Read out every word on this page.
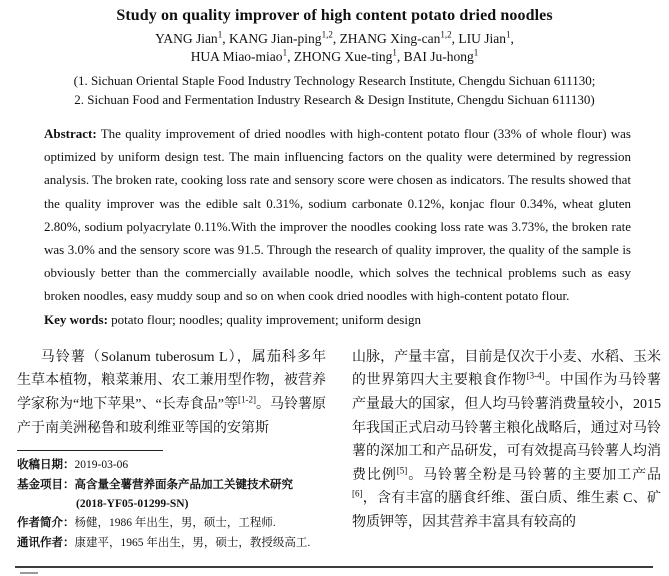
Study on quality improver of high content potato dried noodles
YANG Jian$^1$, KANG Jian-ping$^{1,2}$, ZHANG Xing-can$^{1,2}$, LIU Jian$^1$,
HUA Miao-miao$^1$, ZHONG Xue-ting$^1$, BAI Ju-hong$^1$
(1. Sichuan Oriental Staple Food Industry Technology Research Institute, Chengdu Sichuan 611130;
2. Sichuan Food and Fermentation Industry Research & Design Institute, Chengdu Sichuan 611130)
Abstract: The quality improvement of dried noodles with high-content potato flour (33% of whole flour) was optimized by uniform design test. The main influencing factors on the quality were determined by regression analysis. The broken rate, cooking loss rate and sensory score were chosen as indicators. The results showed that the quality improver was the edible salt 0.31%, sodium carbonate 0.12%, konjac flour 0.34%, wheat gluten 2.80%, sodium polyacrylate 0.11%.With the improver the noodles cooking loss rate was 3.73%, the broken rate was 3.0% and the sensory score was 91.5. Through the research of quality improver, the quality of the sample is obviously better than the commercially available noodle, which solves the technical problems such as easy broken noodles, easy muddy soup and so on when cook dried noodles with high-content potato flour.
Key words: potato flour; noodles; quality improvement; uniform design

马铃薯（Solanum tuberosum L），属茄科多年生草本植物，粮菜兼用、农工兼用型作物，被营养学家称为“地下苹果”、“长寿食品”等[1-2]。马铃薯原产于南美洲秘鲁和玻利维亚等国的安第斯

收稿日期：2019-03-06
基金项目：高含量全薯营养面条产品加工关键技术研究 (2018-YF05-01299-SN)
作者简介：杨健，1986 年出生，男，硕士，工程师.
通讯作者：康建平，1965 年出生，男，硕士，教授级高工.

山脉，产量丰富，目前是仅次于小麦、水稻、玉米的世界第四大主要粮食作物[3-4]。中国作为马铃薯产量最大的国家，但人均马铃薯消费量较小，2015 年我国正式启动马铃薯主粮化战略后，通过对马铃薯的深加工和产品研发，可有效提高马铃薯人均消费比例[5]。马铃薯全粉是马铃薯的主要加工产品[6]，含有丰富的膳食纤维、蛋白质、维生素 C、矿物质钾等，因其营养丰富具有较高的
